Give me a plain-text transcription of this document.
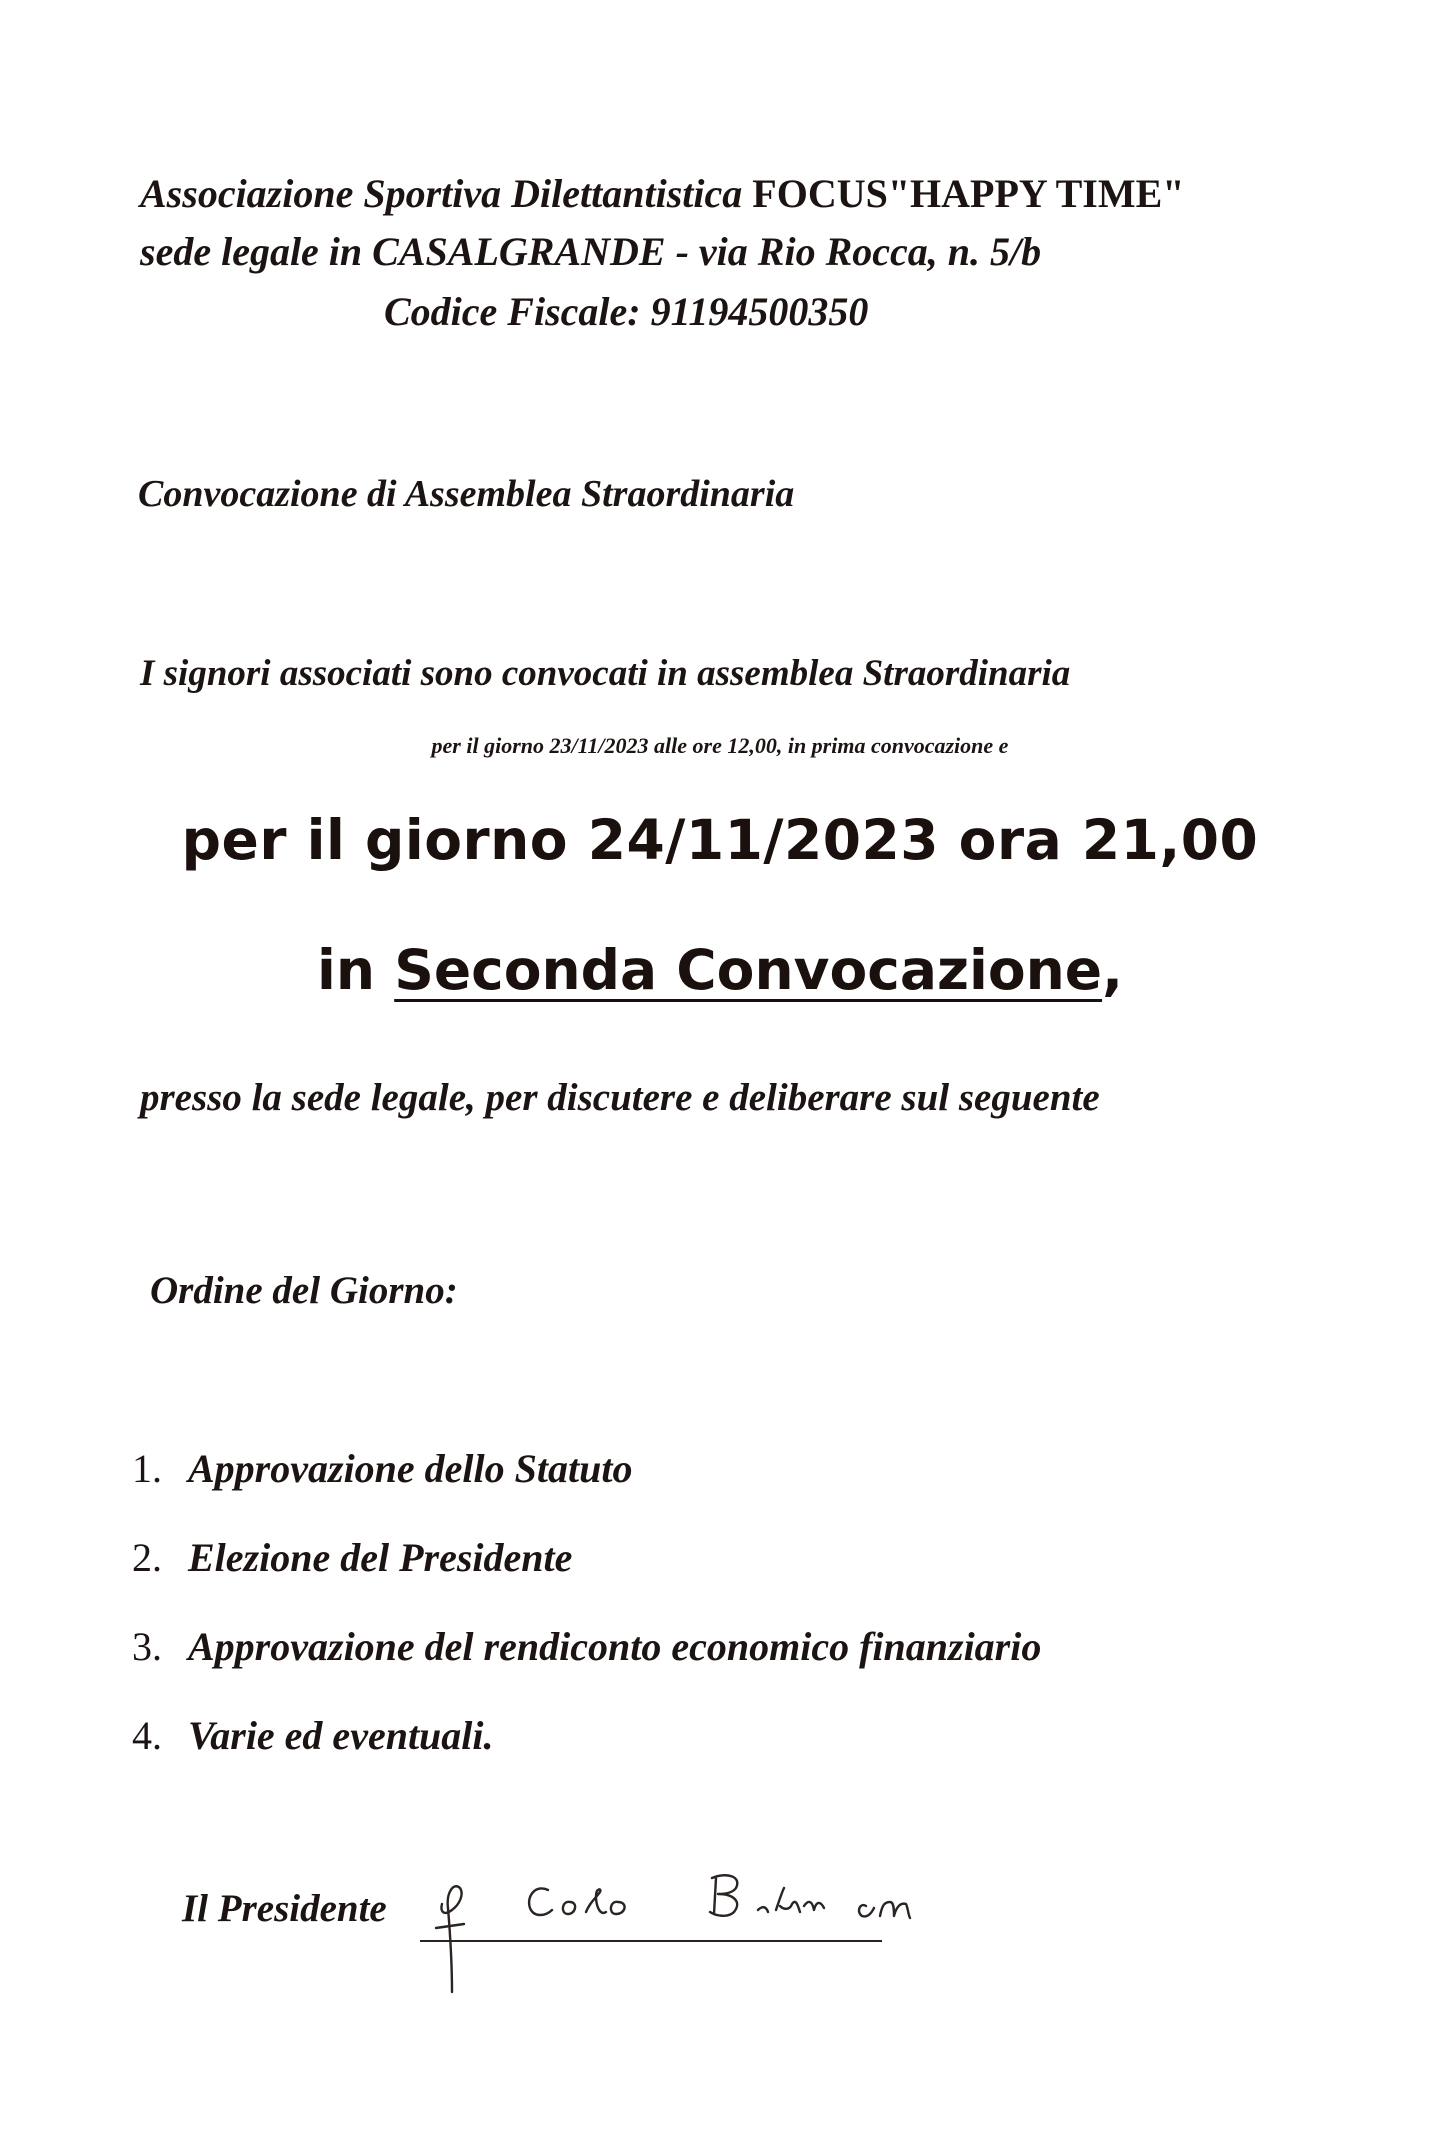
Associazione Sportiva Dilettantistica FOCUS"HAPPY TIME"
sede legale in CASALGRANDE - via Rio Rocca, n. 5/b
Codice Fiscale: 91194500350
Convocazione di Assemblea Straordinaria
I signori associati sono convocati in assemblea Straordinaria
per il giorno 23/11/2023 alle ore 12,00, in prima convocazione e
per il giorno 24/11/2023 ora 21,00
in Seconda Convocazione,
presso la sede legale, per discutere e deliberare sul seguente
Ordine del Giorno:
1. Approvazione dello Statuto
2. Elezione del Presidente
3. Approvazione del rendiconto economico finanziario
4. Varie ed eventuali.
Il Presidente
